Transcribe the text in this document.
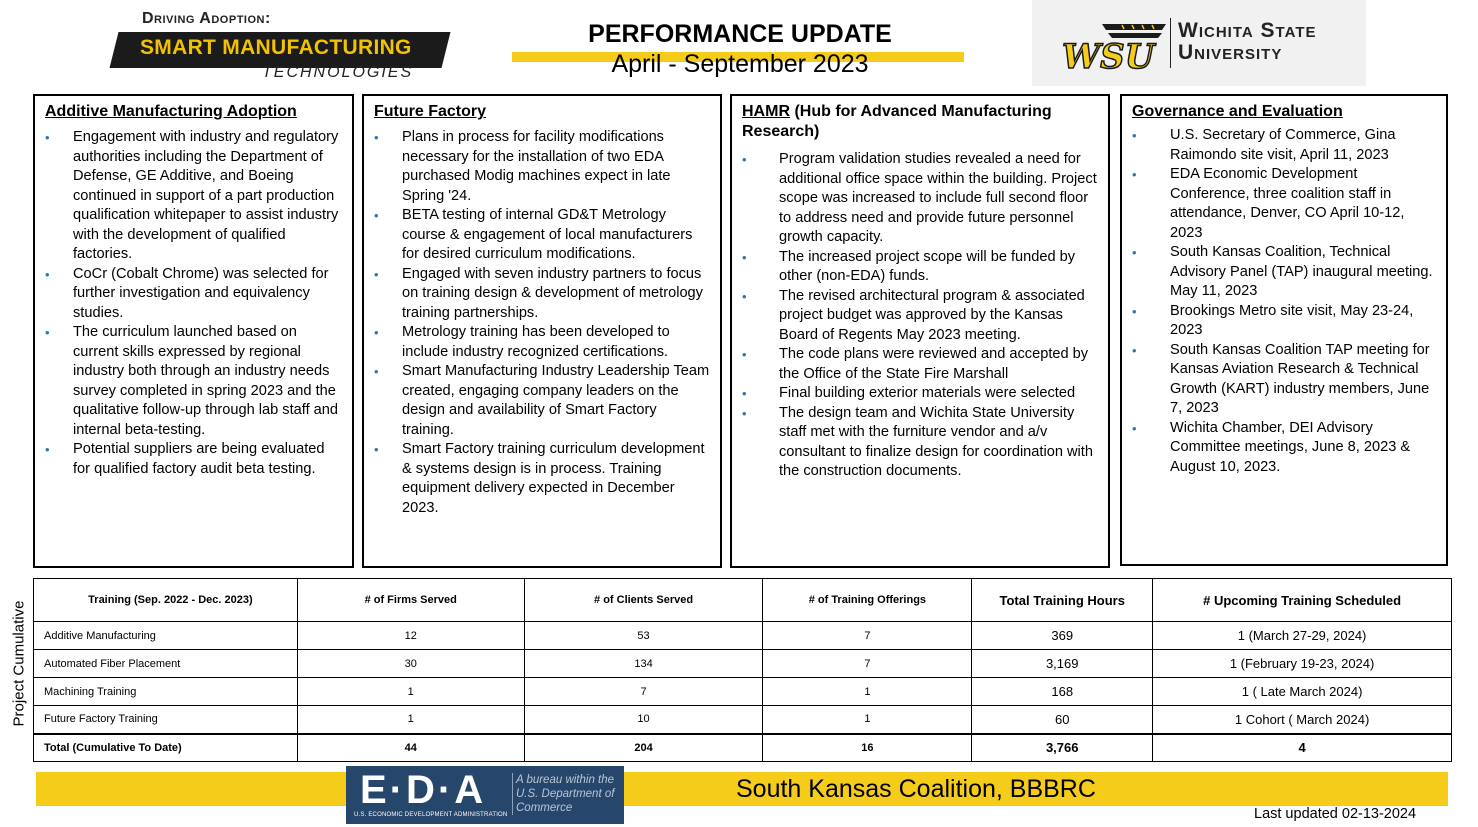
Driving Adoption:
SMART MANUFACTURING
TECHNOLOGIES
PERFORMANCE UPDATE
April - September 2023	WSU
Wichita State
University
Additive Manufacturing Adoption
• Engagement with industry and regulatory authorities including the Department of Defense, GE Additive, and Boeing continued in support of a part production qualification whitepaper to assist industry with the development of qualified factories.
• CoCr (Cobalt Chrome) was selected for further investigation and equivalency studies.
• The curriculum launched based on current skills expressed by regional industry both through an industry needs survey completed in spring 2023 and the qualitative follow-up through lab staff and internal beta-testing.
• Potential suppliers are being evaluated for qualified factory audit beta testing.
Future Factory
• Plans in process for facility modifications necessary for the installation of two EDA purchased Modig machines expect in late Spring '24.
• BETA testing of internal GD&T Metrology course & engagement of local manufacturers for desired curriculum modifications.
• Engaged with seven industry partners to focus on training design & development of metrology training partnerships.
• Metrology training has been developed to include industry recognized certifications.
• Smart Manufacturing Industry Leadership Team created, engaging company leaders on the design and availability of Smart Factory training.
• Smart Factory training curriculum development & systems design is in process. Training equipment delivery expected in December 2023.
HAMR (Hub for Advanced Manufacturing Research)
• Program validation studies revealed a need for additional office space within the building. Project scope was increased to include full second floor to address need and provide future personnel growth capacity.
• The increased project scope will be funded by other (non-EDA) funds.
• The revised architectural program & associated project budget was approved by the Kansas Board of Regents May 2023 meeting.
• The code plans were reviewed and accepted by the Office of the State Fire Marshall
• Final building exterior materials were selected
• The design team and Wichita State University staff met with the furniture vendor and a/v consultant to finalize design for coordination with the construction documents.
Governance and Evaluation
• U.S. Secretary of Commerce, Gina Raimondo site visit, April 11, 2023
• EDA Economic Development Conference, three coalition staff in attendance, Denver, CO April 10-12, 2023
• South Kansas Coalition, Technical Advisory Panel (TAP) inaugural meeting. May 11, 2023
• Brookings Metro site visit, May 23-24, 2023
• South Kansas Coalition TAP meeting for Kansas Aviation Research & Technical Growth (KART) industry members, June 7, 2023
• Wichita Chamber, DEI Advisory Committee meetings, June 8, 2023 & August 10, 2023.
Project Cumulative
Training (Sep. 2022 - Dec. 2023)	# of Firms Served	# of Clients Served	# of Training Offerings	Total Training Hours	# Upcoming Training Scheduled
Additive Manufacturing	12	53	7	369	1 (March 27-29, 2024)
Automated Fiber Placement	30	134	7	3,169	1 (February 19-23, 2024)
Machining Training	1	7	1	168	1 ( Late March 2024)
Future Factory Training	1	10	1	60	1 Cohort ( March 2024)
Total (Cumulative To Date)	44	204	16	3,766	4
South Kansas Coalition, BBBRC
E·D·A
U.S. ECONOMIC DEVELOPMENT ADMINISTRATION
A bureau within the U.S. Department of Commerce	Last updated 02-13-2024
